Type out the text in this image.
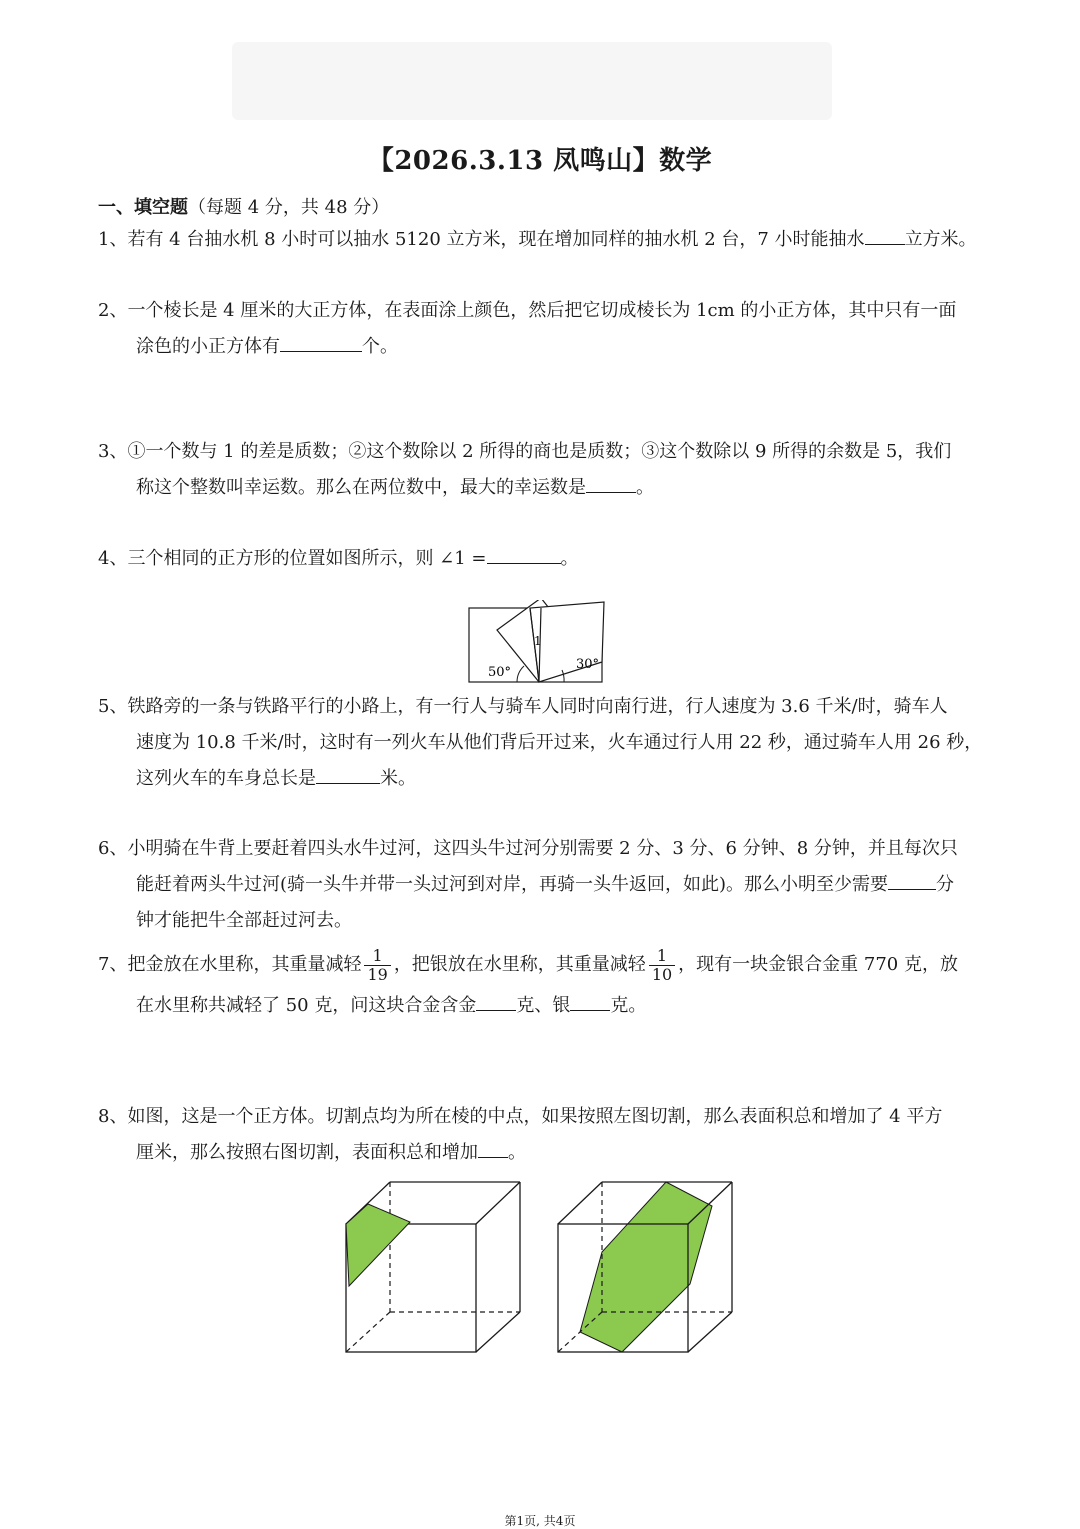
【2026.3.13 凤鸣山】数学
一、填空题（每题 4 分，共 48 分）
1、若有 4 台抽水机 8 小时可以抽水 5120 立方米，现在增加同样的抽水机 2 台，7 小时能抽水 立方米。
2、一个棱长是 4 厘米的大正方体，在表面涂上颜色，然后把它切成棱长为 1cm 的小正方体，其中只有一面
涂色的小正方体有	个。
3、①一个数与 1 的差是质数；②这个数除以 2 所得的商也是质数；③这个数除以 9 所得的余数是 5，我们
称这个整数叫幸运数。那么在两位数中，最大的幸运数是	。
4、三个相同的正方形的位置如图所示，则 ∠1 =	。
1
50°
30°
5、铁路旁的一条与铁路平行的小路上，有一行人与骑车人同时向南行进，行人速度为 3.6 千米/时，骑车人
速度为 10.8 千米/时，这时有一列火车从他们背后开过来，火车通过行人用 22 秒，通过骑车人用 26 秒，
这列火车的车身总长是	米。
6、小明骑在牛背上要赶着四头水牛过河，这四头牛过河分别需要 2 分、3 分、6 分钟、8 分钟，并且每次只
能赶着两头牛过河(骑一头牛并带一头过河到对岸，再骑一头牛返回，如此)。那么小明至少需要	分
钟才能把牛全部赶过河去。
7、把金放在水里称，其重量减轻 $\frac{1}{19}$ ，把银放在水里称，其重量减轻 $\frac{1}{10}$ ，现有一块金银合金重 770 克，放
在水里称共减轻了 50 克，问这块合金含金 克、银 克。
8、如图，这是一个正方体。切割点均为所在棱的中点，如果按照左图切割，那么表面积总和增加了 4 平方
厘米，那么按照右图切割，表面积总和增加 。
第1页, 共4页
